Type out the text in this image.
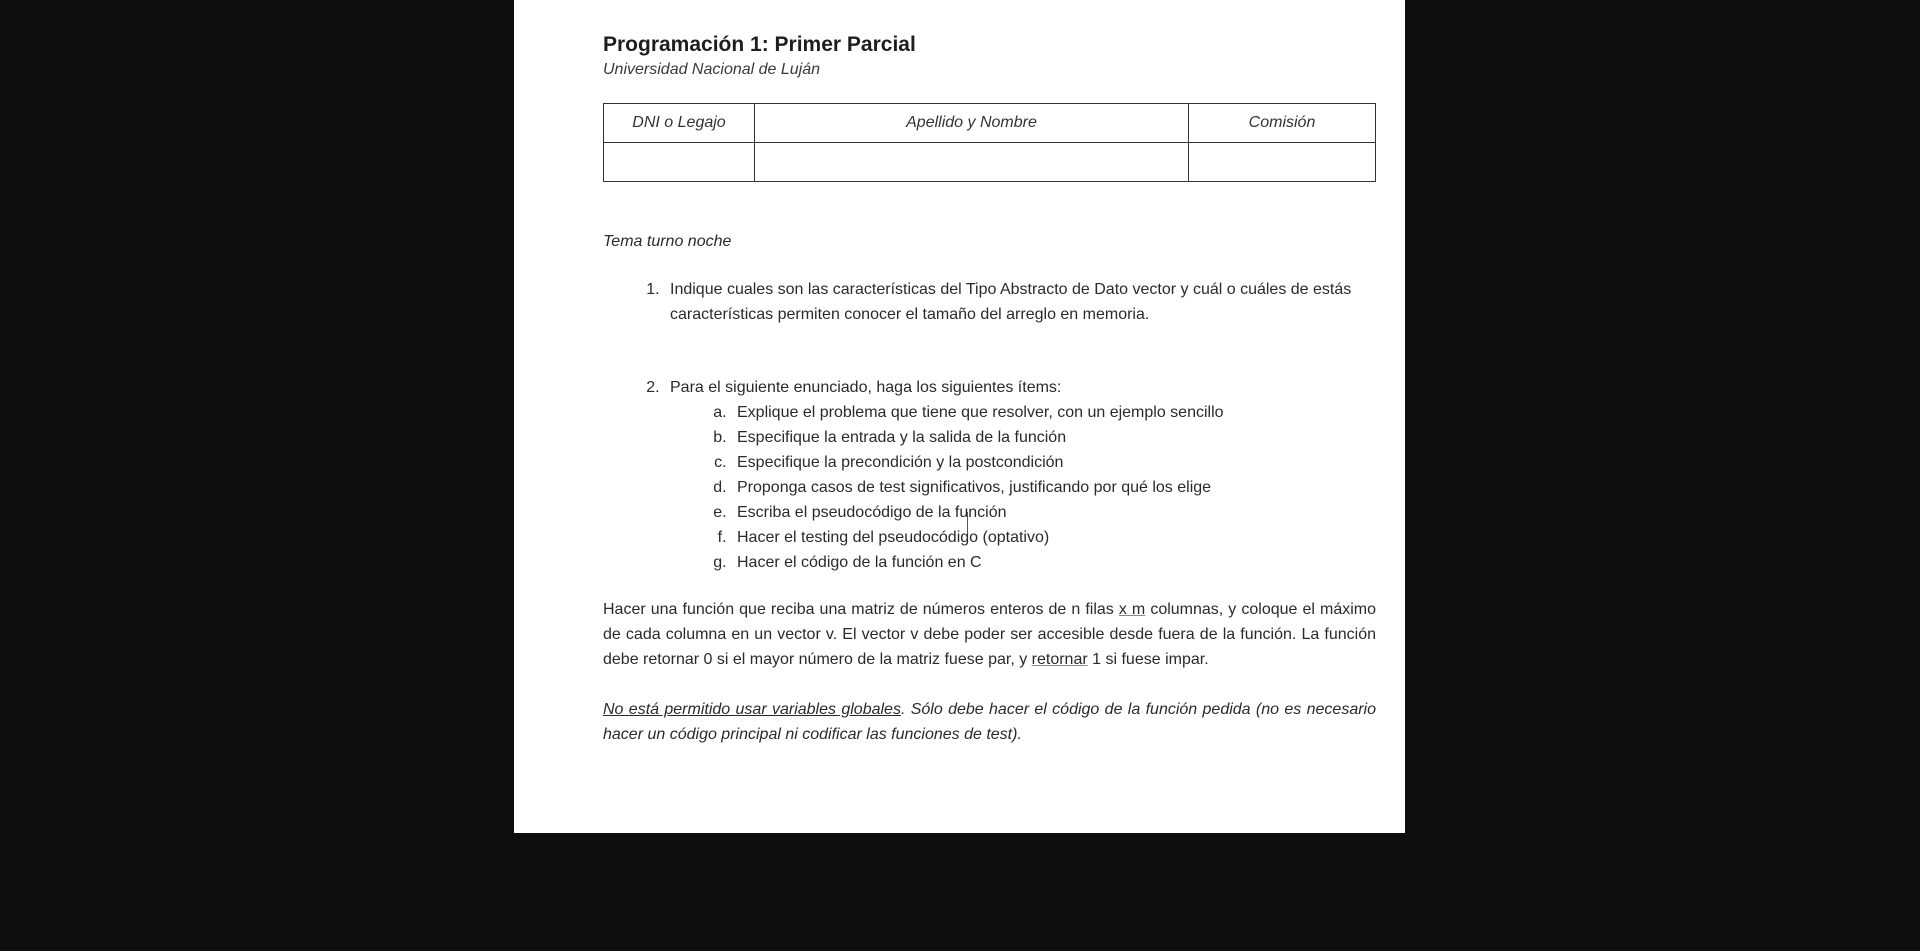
Programación 1: Primer Parcial
Universidad Nacional de Luján
DNI o Legajo	Apellido y Nombre	Comisión

Tema turno noche
1. Indique cuales son las características del Tipo Abstracto de Dato vector y cuál o cuáles de estás características permiten conocer el tamaño del arreglo en memoria.
2. Para el siguiente enunciado, haga los siguientes ítems:
a. Explique el problema que tiene que resolver, con un ejemplo sencillo
b. Especifique la entrada y la salida de la función
c. Especifique la precondición y la postcondición
d. Proponga casos de test significativos, justificando por qué los elige
e. Escriba el pseudocódigo de la función
f. Hacer el testing del pseudocódigo (optativo)
g. Hacer el código de la función en C

Hacer una función que reciba una matriz de números enteros de n filas x m columnas, y coloque el máximo de cada columna en un vector v. El vector v debe poder ser accesible desde fuera de la función. La función debe retornar 0 si el mayor número de la matriz fuese par, y retornar 1 si fuese impar.

No está permitido usar variables globales. Sólo debe hacer el código de la función pedida (no es necesario hacer un código principal ni codificar las funciones de test).
